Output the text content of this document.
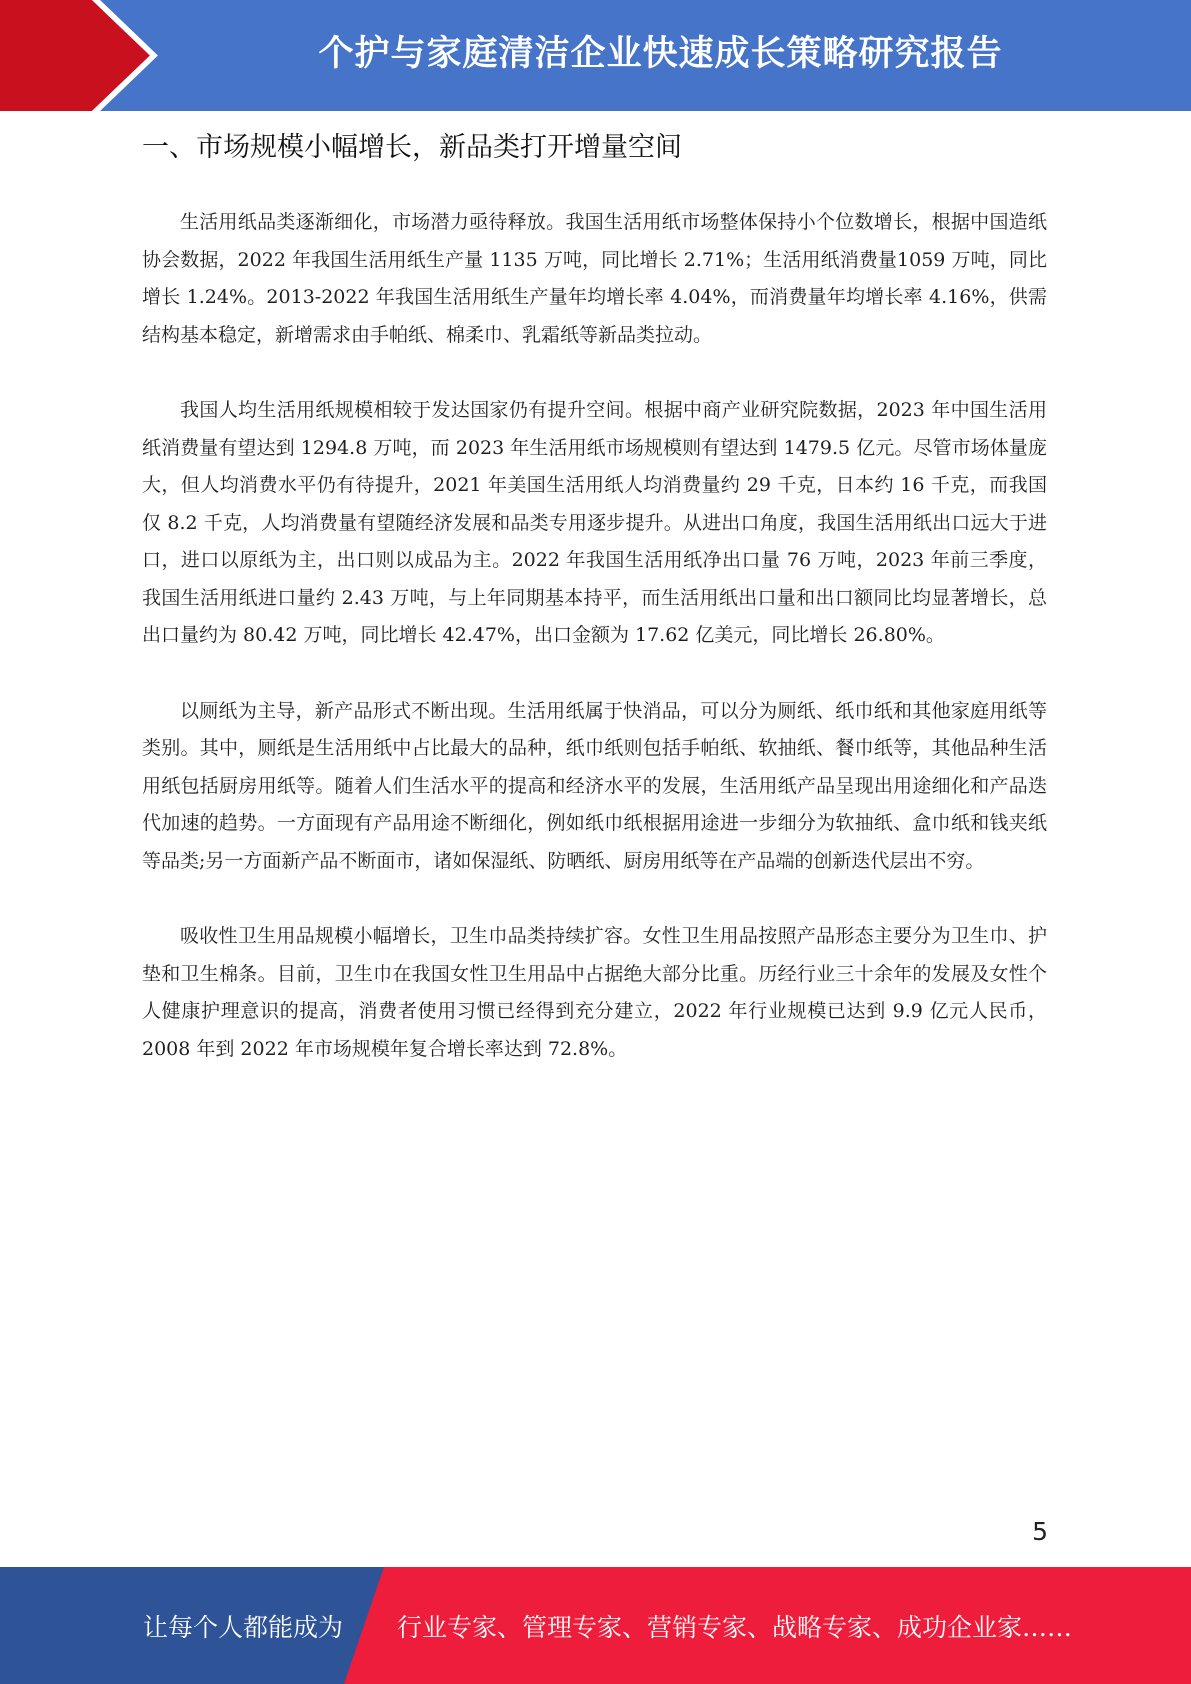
个护与家庭清洁企业快速成长策略研究报告
一、市场规模小幅增长，新品类打开增量空间

生活用纸品类逐渐细化，市场潜力亟待释放。我国生活用纸市场整体保持小个位数增长，根据中国造纸协会数据，2022 年我国生活用纸生产量 1135 万吨，同比增长 2.71%；生活用纸消费量1059 万吨，同比增长 1.24%。2013-2022 年我国生活用纸生产量年均增长率 4.04%，而消费量年均增长率 4.16%，供需结构基本稳定，新增需求由手帕纸、棉柔巾、乳霜纸等新品类拉动。

我国人均生活用纸规模相较于发达国家仍有提升空间。根据中商产业研究院数据，2023 年中国生活用纸消费量有望达到 1294.8 万吨，而 2023 年生活用纸市场规模则有望达到 1479.5 亿元。尽管市场体量庞大，但人均消费水平仍有待提升，2021 年美国生活用纸人均消费量约 29 千克，日本约 16 千克，而我国仅 8.2 千克，人均消费量有望随经济发展和品类专用逐步提升。从进出口角度，我国生活用纸出口远大于进口，进口以原纸为主，出口则以成品为主。2022 年我国生活用纸净出口量 76 万吨，2023 年前三季度，我国生活用纸进口量约 2.43 万吨，与上年同期基本持平，而生活用纸出口量和出口额同比均显著增长，总出口量约为 80.42 万吨，同比增长 42.47%，出口金额为 17.62 亿美元，同比增长 26.80%。

以厕纸为主导，新产品形式不断出现。生活用纸属于快消品，可以分为厕纸、纸巾纸和其他家庭用纸等类别。其中，厕纸是生活用纸中占比最大的品种，纸巾纸则包括手帕纸、软抽纸、餐巾纸等，其他品种生活用纸包括厨房用纸等。随着人们生活水平的提高和经济水平的发展，生活用纸产品呈现出用途细化和产品迭代加速的趋势。一方面现有产品用途不断细化，例如纸巾纸根据用途进一步细分为软抽纸、盒巾纸和钱夹纸等品类;另一方面新产品不断面市，诸如保湿纸、防晒纸、厨房用纸等在产品端的创新迭代层出不穷。

吸收性卫生用品规模小幅增长，卫生巾品类持续扩容。女性卫生用品按照产品形态主要分为卫生巾、护垫和卫生棉条。目前，卫生巾在我国女性卫生用品中占据绝大部分比重。历经行业三十余年的发展及女性个人健康护理意识的提高，消费者使用习惯已经得到充分建立，2022 年行业规模已达到 9.9 亿元人民币，2008 年到 2022 年市场规模年复合增长率达到 72.8%。

5
让每个人都能成为 行业专家、管理专家、营销专家、战略专家、成功企业家……
